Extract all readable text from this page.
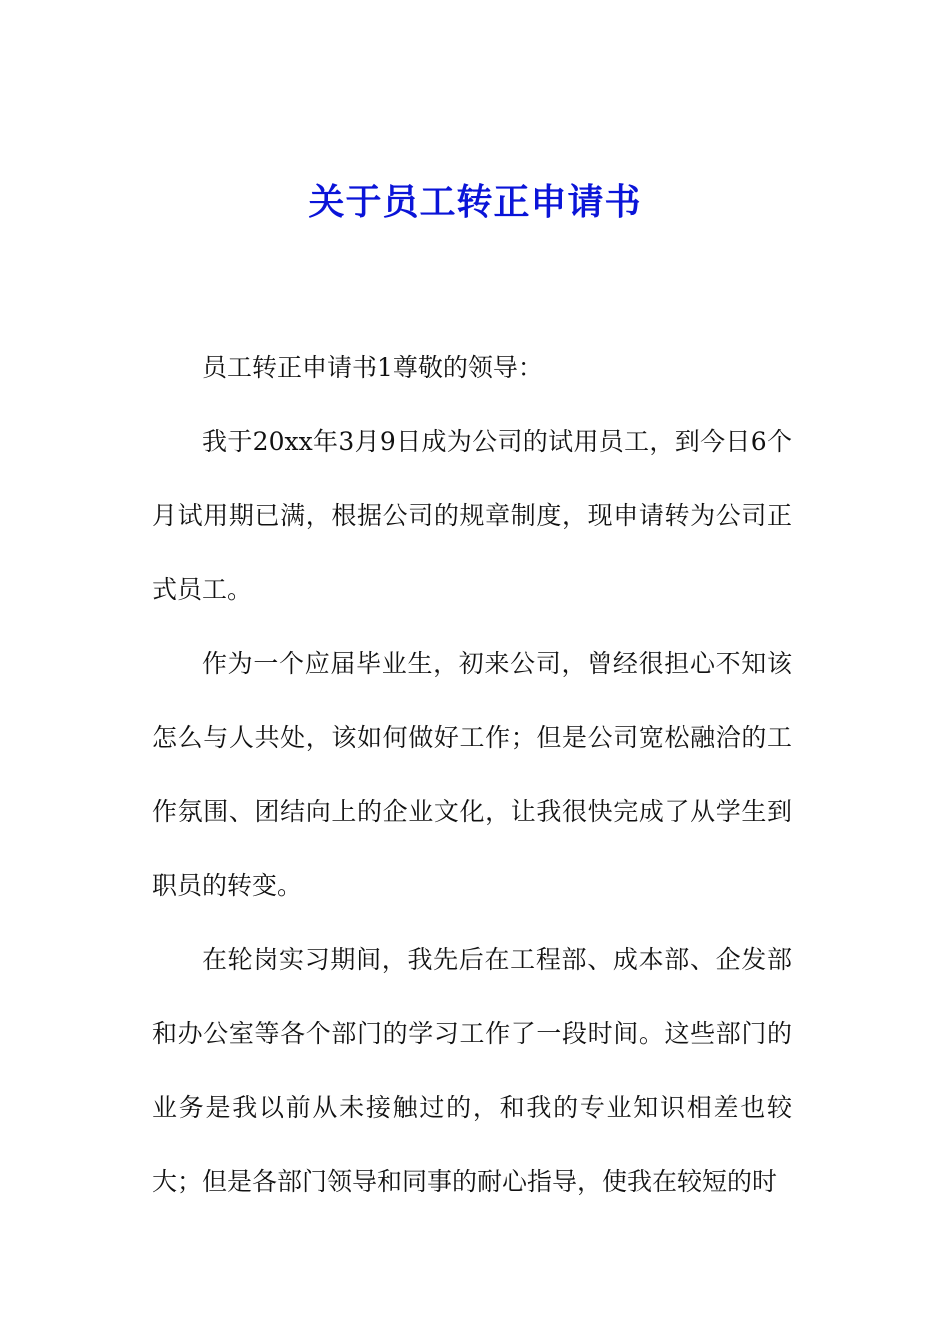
关于员工转正申请书

员工转正申请书1尊敬的领导：

我于20xx年3月9日成为公司的试用员工，到今日6个月试用期已满，根据公司的规章制度，现申请转为公司正式员工。

作为一个应届毕业生，初来公司，曾经很担心不知该怎么与人共处，该如何做好工作；但是公司宽松融洽的工作氛围、团结向上的企业文化，让我很快完成了从学生到职员的转变。

在轮岗实习期间，我先后在工程部、成本部、企发部和办公室等各个部门的学习工作了一段时间。这些部门的业务是我以前从未接触过的，和我的专业知识相差也较大；但是各部门领导和同事的耐心指导，使我在较短的时
